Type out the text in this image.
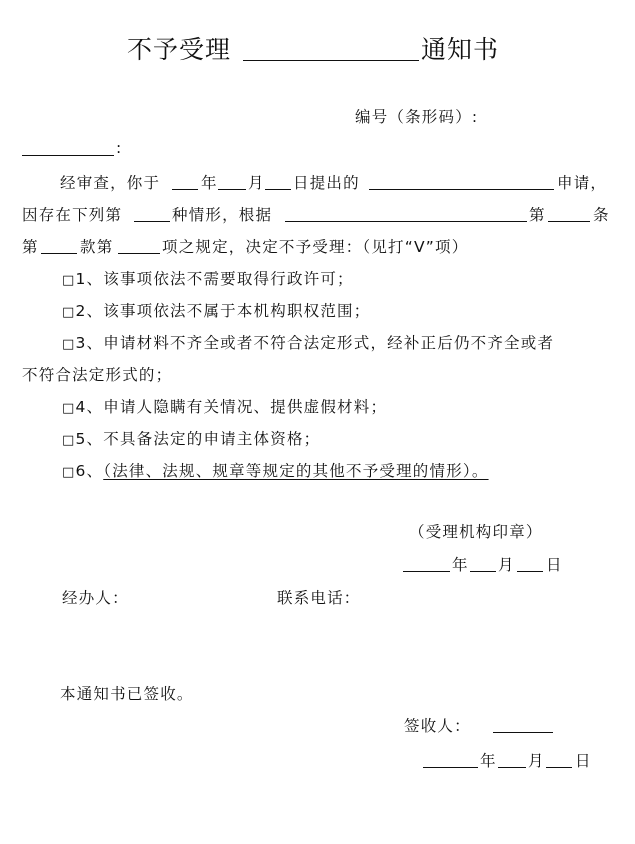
不予受理	通知书
编号（条形码）:
:
经审查，你于	年 月 日提出的	申请，
因存在下列第	种情形，根据	第	条
第	款第	项之规定，决定不予受理：（见打“V”项）
□1、该事项依法不需要取得行政许可；
□2、该事项依法不属于本机构职权范围；
□3、申请材料不齐全或者不符合法定形式，经补正后仍不齐全或者
不符合法定形式的；
□4、申请人隐瞒有关情况、提供虚假材料；
□5、不具备法定的申请主体资格；
□6、（法律、法规、规章等规定的其他不予受理的情形）。
（受理机构印章）
年 月 日
经办人：	联系电话：
本通知书已签收。
签收人：
年 月 日
